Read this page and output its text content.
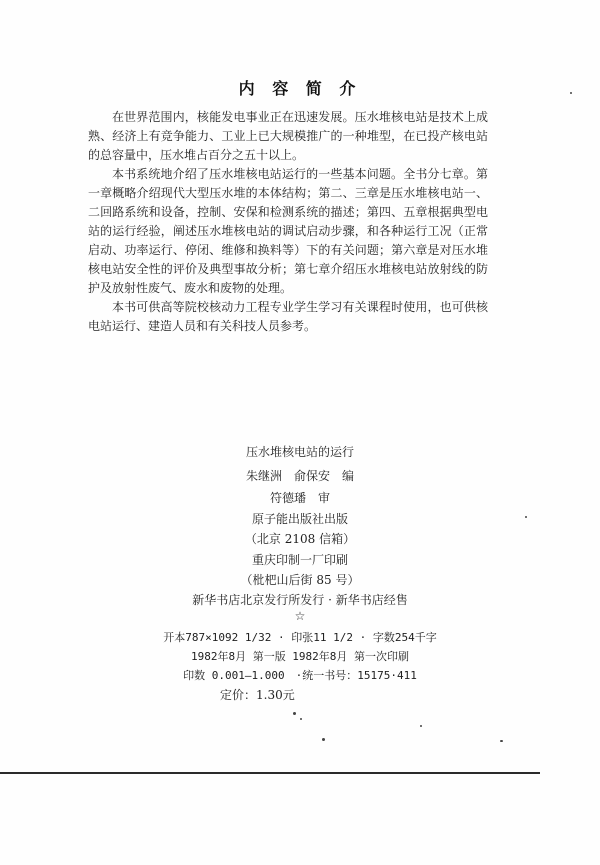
内 容 简 介

在世界范围内，核能发电事业正在迅速发展。压水堆核电站是技术上成熟、经济上有竞争能力、工业上已大规模推广的一种堆型，在已投产核电站的总容量中，压水堆占百分之五十以上。

本书系统地介绍了压水堆核电站运行的一些基本问题。全书分七章。第一章概略介绍现代大型压水堆的本体结构；第二、三章是压水堆核电站一、二回路系统和设备，控制、安保和检测系统的描述；第四、五章根据典型电站的运行经验，阐述压水堆核电站的调试启动步骤，和各种运行工况（正常启动、功率运行、停闭、维修和换料等）下的有关问题；第六章是对压水堆核电站安全性的评价及典型事故分析；第七章介绍压水堆核电站放射线的防护及放射性废气、废水和废物的处理。

本书可供高等院校核动力工程专业学生学习有关课程时使用，也可供核电站运行、建造人员和有关科技人员参考。

压水堆核电站的运行
朱继洲　俞保安　编
符德璠　审
原子能出版社出版
（北京 2108 信箱）
重庆印制一厂印刷
（枇杷山后街 85 号）
新华书店北京发行所发行 · 新华书店经售
☆
开本787×1092 1/32 · 印张11 1/2 · 字数254千字
1982年8月 第一版 1982年8月 第一次印刷
印数 0.001—1.000　·统一书号：15175·411
定价：1.30元
